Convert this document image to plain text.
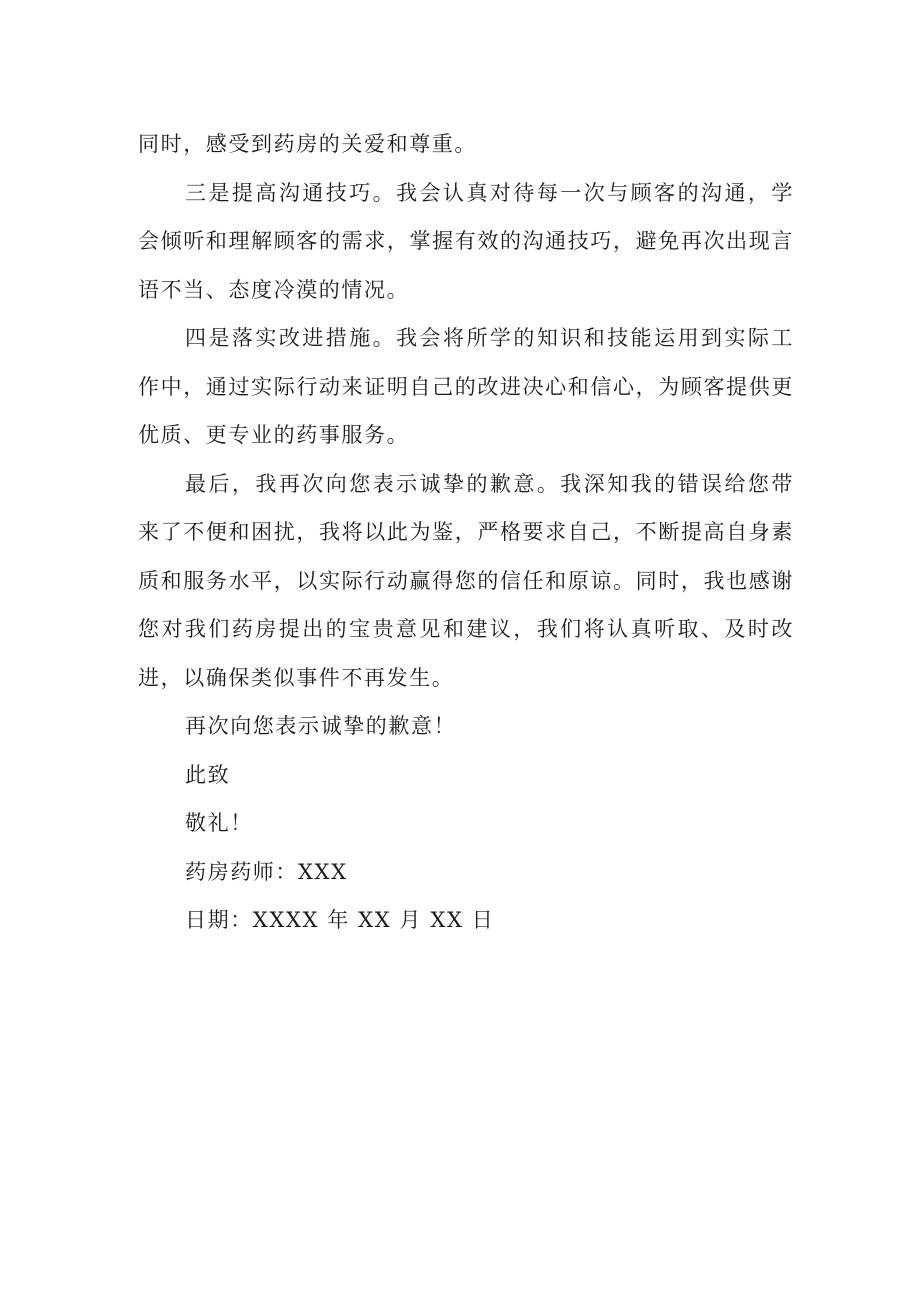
同时，感受到药房的关爱和尊重。

三是提高沟通技巧。我会认真对待每一次与顾客的沟通，学会倾听和理解顾客的需求，掌握有效的沟通技巧，避免再次出现言语不当、态度冷漠的情况。

四是落实改进措施。我会将所学的知识和技能运用到实际工作中，通过实际行动来证明自己的改进决心和信心，为顾客提供更优质、更专业的药事服务。

最后，我再次向您表示诚挚的歉意。我深知我的错误给您带来了不便和困扰，我将以此为鉴，严格要求自己，不断提高自身素质和服务水平，以实际行动赢得您的信任和原谅。同时，我也感谢您对我们药房提出的宝贵意见和建议，我们将认真听取、及时改进，以确保类似事件不再发生。

再次向您表示诚挚的歉意！

此致

敬礼！

药房药师：XXX

日期：XXXX 年 XX 月 XX 日
